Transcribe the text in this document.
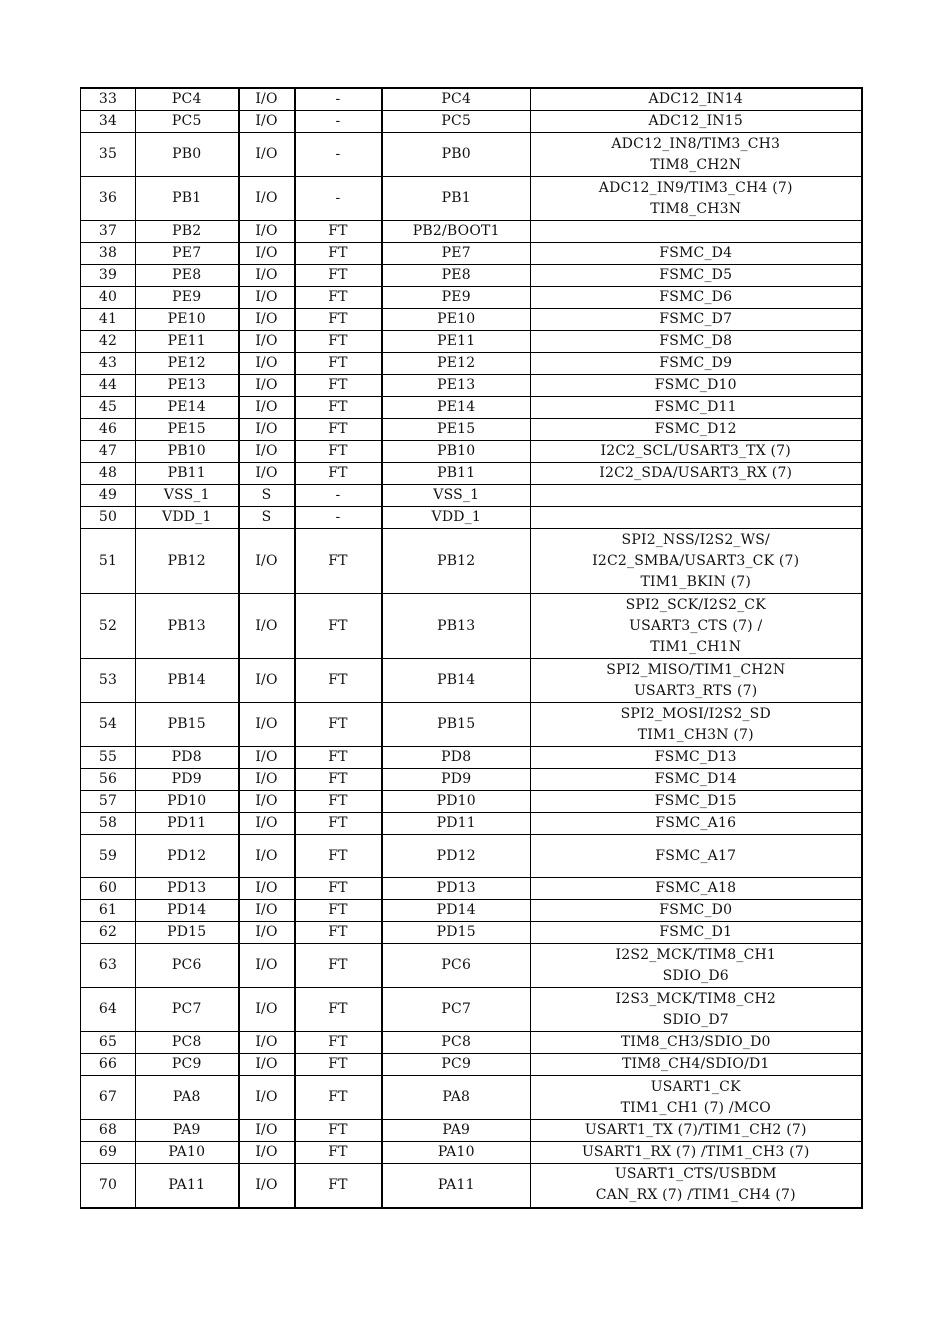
33	PC4	I/O	-	PC4	ADC12_IN14

34	PC5	I/O	-	PC5	ADC12_IN15

35	PB0	I/O	-	PB0	ADC12_IN8/TIM3_CH3
TIM8_CH2N

36	PB1	I/O	-	PB1	ADC12_IN9/TIM3_CH4 (7)
TIM8_CH3N

37	PB2	I/O	FT	PB2/BOOT1	
38	PE7	I/O	FT	PE7	FSMC_D4

39	PE8	I/O	FT	PE8	FSMC_D5

40	PE9	I/O	FT	PE9	FSMC_D6

41	PE10	I/O	FT	PE10	FSMC_D7

42	PE11	I/O	FT	PE11	FSMC_D8

43	PE12	I/O	FT	PE12	FSMC_D9

44	PE13	I/O	FT	PE13	FSMC_D10

45	PE14	I/O	FT	PE14	FSMC_D11

46	PE15	I/O	FT	PE15	FSMC_D12

47	PB10	I/O	FT	PB10	I2C2_SCL/USART3_TX (7)

48	PB11	I/O	FT	PB11	I2C2_SDA/USART3_RX (7)

49	VSS_1	S	-	VSS_1	
50	VDD_1	S	-	VDD_1	
51	PB12	I/O	FT	PB12	SPI2_NSS/I2S2_WS/
I2C2_SMBA/USART3_CK (7)
TIM1_BKIN (7)

52	PB13	I/O	FT	PB13	SPI2_SCK/I2S2_CK
USART3_CTS (7) /
TIM1_CH1N

53	PB14	I/O	FT	PB14	SPI2_MISO/TIM1_CH2N
USART3_RTS (7)

54	PB15	I/O	FT	PB15	SPI2_MOSI/I2S2_SD
TIM1_CH3N (7)

55	PD8	I/O	FT	PD8	FSMC_D13

56	PD9	I/O	FT	PD9	FSMC_D14

57	PD10	I/O	FT	PD10	FSMC_D15

58	PD11	I/O	FT	PD11	FSMC_A16

59	PD12	I/O	FT	PD12	FSMC_A17

60	PD13	I/O	FT	PD13	FSMC_A18

61	PD14	I/O	FT	PD14	FSMC_D0

62	PD15	I/O	FT	PD15	FSMC_D1

63	PC6	I/O	FT	PC6	I2S2_MCK/TIM8_CH1
SDIO_D6

64	PC7	I/O	FT	PC7	I2S3_MCK/TIM8_CH2
SDIO_D7

65	PC8	I/O	FT	PC8	TIM8_CH3/SDIO_D0

66	PC9	I/O	FT	PC9	TIM8_CH4/SDIO/D1

67	PA8	I/O	FT	PA8	USART1_CK
TIM1_CH1 (7) /MCO

68	PA9	I/O	FT	PA9	USART1_TX (7)/TIM1_CH2 (7)

69	PA10	I/O	FT	PA10	USART1_RX (7) /TIM1_CH3 (7)

70	PA11	I/O	FT	PA11	USART1_CTS/USBDM
CAN_RX (7) /TIM1_CH4 (7)
